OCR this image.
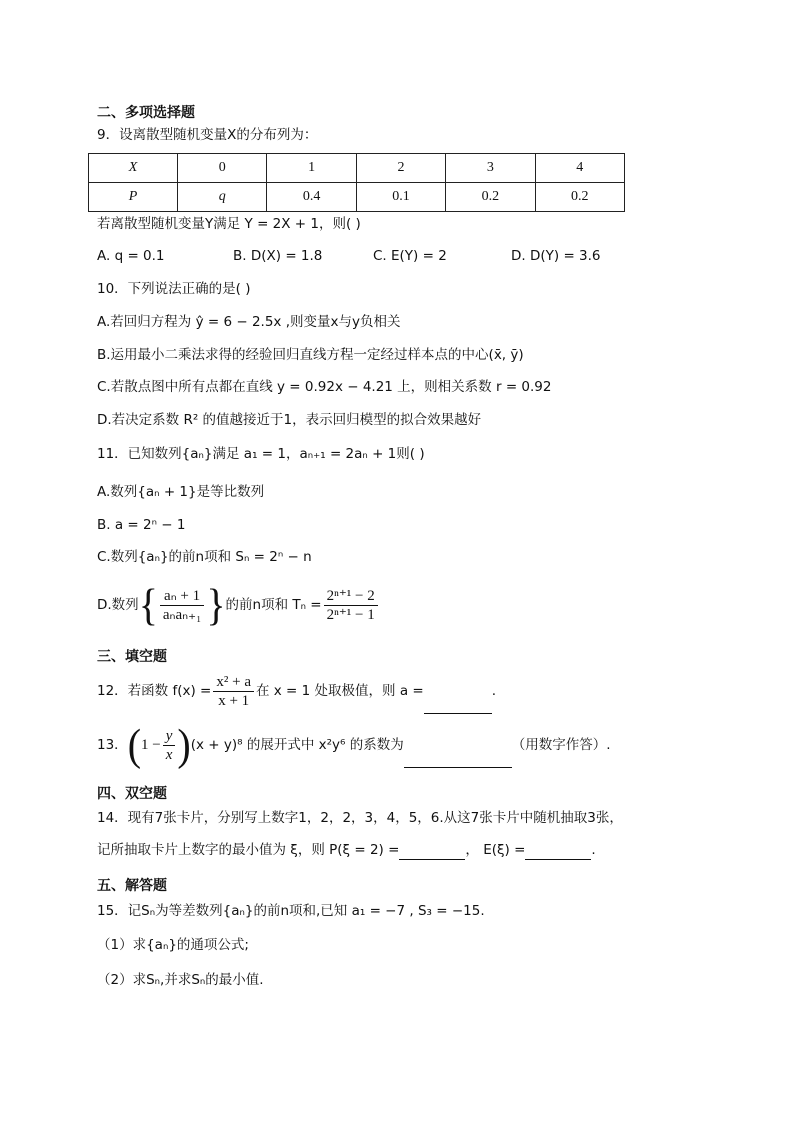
二、多项选择题
9．设离散型随机变量X的分布列为：
X	0	1	2	3	4
P	q	0.4	0.1	0.2	0.2
若离散型随机变量Y满足 Y = 2X + 1，则( )
A. q = 0.1	B. D(X) = 1.8	C. E(Y) = 2	D. D(Y) = 3.6
10．下列说法正确的是( )
A.若回归方程为 ŷ = 6 − 2.5x ,则变量x与y负相关
B.运用最小二乘法求得的经验回归直线方程一定经过样本点的中心(x̄, ȳ)
C.若散点图中所有点都在直线 y = 0.92x − 4.21 上，则相关系数 r = 0.92
D.若决定系数 R² 的值越接近于1，表示回归模型的拟合效果越好
11．已知数列{aₙ}满足 a₁ = 1，aₙ₊₁ = 2aₙ + 1则( )
A.数列{aₙ + 1}是等比数列
B. a = 2ⁿ − 1
C.数列{aₙ}的前n项和 Sₙ = 2ⁿ − n
D.数列{ $\frac{\text{aₙ + 1}}{\text{aₙaₙ₊₁}}$ }的前n项和 $T_n = \frac{\text{2ⁿ⁺¹ − 2}}{\text{2ⁿ⁺¹ − 1}}$
三、填空题
12．若函数 $f(x) = \frac{\text{x² + a}}{x + 1}$ 在 x = 1 处取极值，则 a =	.
13．$(1 - \frac{y}{x} )(x + y)^8$ 的展开式中 x²y⁶ 的系数为	（用数字作答）.
四、双空题
14．现有7张卡片，分别写上数字1，2，2，3，4，5，6.从这7张卡片中随机抽取3张，
记所抽取卡片上数字的最小值为 ξ，则 P(ξ = 2) =	， E(ξ) =	.
五、解答题
15．记Sₙ为等差数列{aₙ}的前n项和,已知 a₁ = −7 , S₃ = −15.
（1）求{aₙ}的通项公式;
（2）求Sₙ,并求Sₙ的最小值.
